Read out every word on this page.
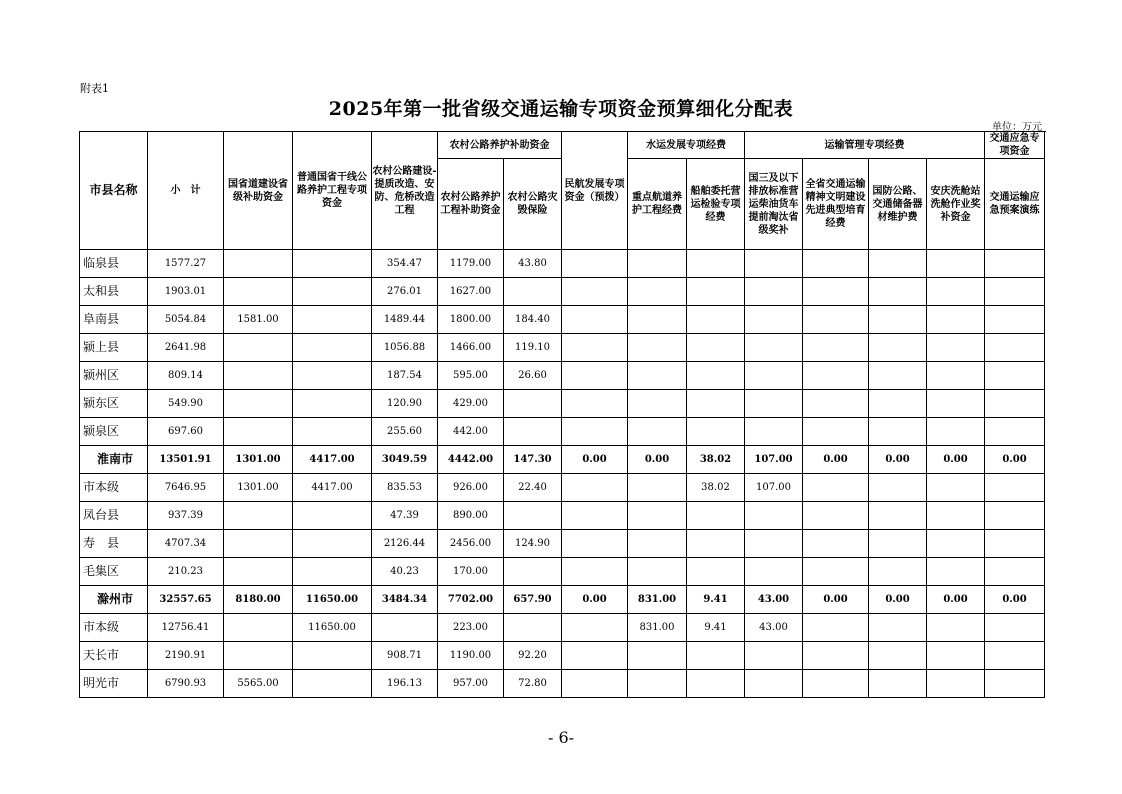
附表1
2025年第一批省级交通运输专项资金预算细化分配表
单位：万元
市县名称	小　计	国省道建设省级补助资金	普通国省干线公路养护工程专项资金	农村公路建设-提质改造、安防、危桥改造工程	农村公路养护补助资金		民航发展专项资金（预拨）	水运发展专项经费		运输管理专项经费				交通应急专项资金
					农村公路养护工程补助资金	农村公路灾毁保险		重点航道养护工程经费	船舶委托营运检验专项经费	国三及以下排放标准营运柴油货车提前淘汰省级奖补	全省交通运输精神文明建设先进典型培育经费	国防公路、交通储备器材维护费	安庆洗舱站洗舱作业奖补资金	交通运输应急预案演练
临泉县	1577.27			354.47	1179.00	43.80								
太和县	1903.01			276.01	1627.00									
阜南县	5054.84	1581.00		1489.44	1800.00	184.40								
颍上县	2641.98			1056.88	1466.00	119.10								
颍州区	809.14			187.54	595.00	26.60								
颍东区	549.90			120.90	429.00									
颍泉区	697.60			255.60	442.00									
淮南市	13501.91	1301.00	4417.00	3049.59	4442.00	147.30	0.00	0.00	38.02	107.00	0.00	0.00	0.00	0.00
市本级	7646.95	1301.00	4417.00	835.53	926.00	22.40			38.02	107.00				
凤台县	937.39			47.39	890.00									
寿　县	4707.34			2126.44	2456.00	124.90								
毛集区	210.23			40.23	170.00									
滁州市	32557.65	8180.00	11650.00	3484.34	7702.00	657.90	0.00	831.00	9.41	43.00	0.00	0.00	0.00	0.00
市本级	12756.41		11650.00		223.00			831.00	9.41	43.00				
天长市	2190.91			908.71	1190.00	92.20								
明光市	6790.93	5565.00		196.13	957.00	72.80								
- 6-
